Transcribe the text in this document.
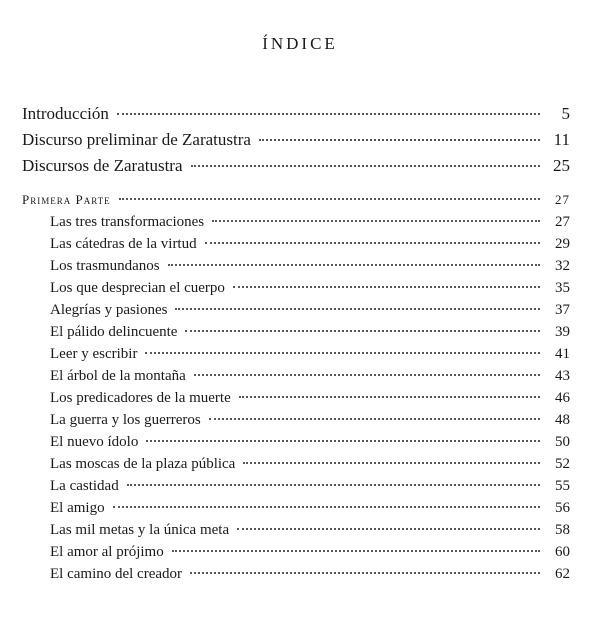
ÍNDICE
Introducción	5
Discurso preliminar de Zaratustra	11
Discursos de Zaratustra	25
Primera Parte	27
Las tres transformaciones	27
Las cátedras de la virtud	29
Los trasmundanos	32
Los que desprecian el cuerpo	35
Alegrías y pasiones	37
El pálido delincuente	39
Leer y escribir	41
El árbol de la montaña	43
Los predicadores de la muerte	46
La guerra y los guerreros	48
El nuevo ídolo	50
Las moscas de la plaza pública	52
La castidad	55
El amigo	56
Las mil metas y la única meta	58
El amor al prójimo	60
El camino del creador	62
